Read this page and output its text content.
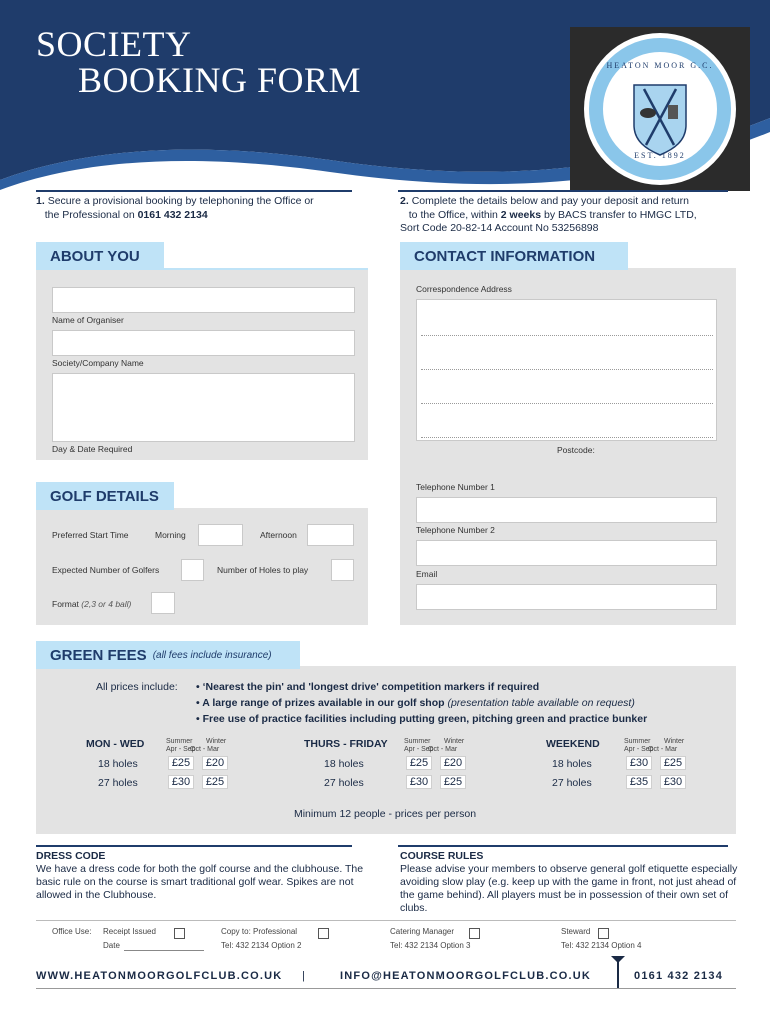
SOCIETY
BOOKING FORM	HEATON MOOR G.C.
EST. 1892
1. Secure a provisional booking by telephoning the Office or
the Professional on 0161 432 2134
2. Complete the details below and pay your deposit and return
to the Office, within 2 weeks by BACS transfer to HMGC LTD,
Sort Code 20-82-14 Account No 53256898
ABOUT YOU
Name of Organiser
Society/Company Name
Day & Date Required
CONTACT INFORMATION
Correspondence Address
Postcode:
Telephone Number 1
Telephone Number 2
Email
GOLF DETAILS
Preferred Start Time	Morning	Afternoon
Expected Number of Golfers	Number of Holes to play
Format (2,3 or 4 ball)
GREEN FEES (all fees include insurance)
All prices include: • ‘Nearest the pin' and 'longest drive' competition markers if required
• A large range of prizes available in our golf shop (presentation table available on request)
• Free use of practice facilities including putting green, pitching green and practice bunker
MON - WED	Summer
Apr - Sep
Winter
Oct - Mar
18 holes	£25	£20
27 holes	£30	£25
THURS - FRIDAY Summer
Apr - Sep
Winter
Oct - Mar
18 holes	£25	£20
27 holes	£30	£25
WEEKEND	Summer
Apr - Sep
Winter
Oct - Mar
18 holes	£30	£25
27 holes	£35	£30
Minimum 12 people - prices per person
DRESS CODE
We have a dress code for both the golf course and the clubhouse. The basic rule on the course is smart traditional golf wear. Spikes are not allowed in the Clubhouse.
COURSE RULES
Please advise your members to observe general golf etiquette especially avoiding slow play (e.g. keep up with the game in front, not just ahead of the game behind). All players must be in possession of their own set of clubs.
Office Use: Receipt Issued
Date
Copy to: Professional
Tel: 432 2134 Option 2
Catering Manager
Tel: 432 2134 Option 3
Steward
Tel: 432 2134 Option 4
WWW.HEATONMOORGOLFCLUB.CO.UK |	INFO@HEATONMOORGOLFCLUB.CO.UK	0161 432 2134
